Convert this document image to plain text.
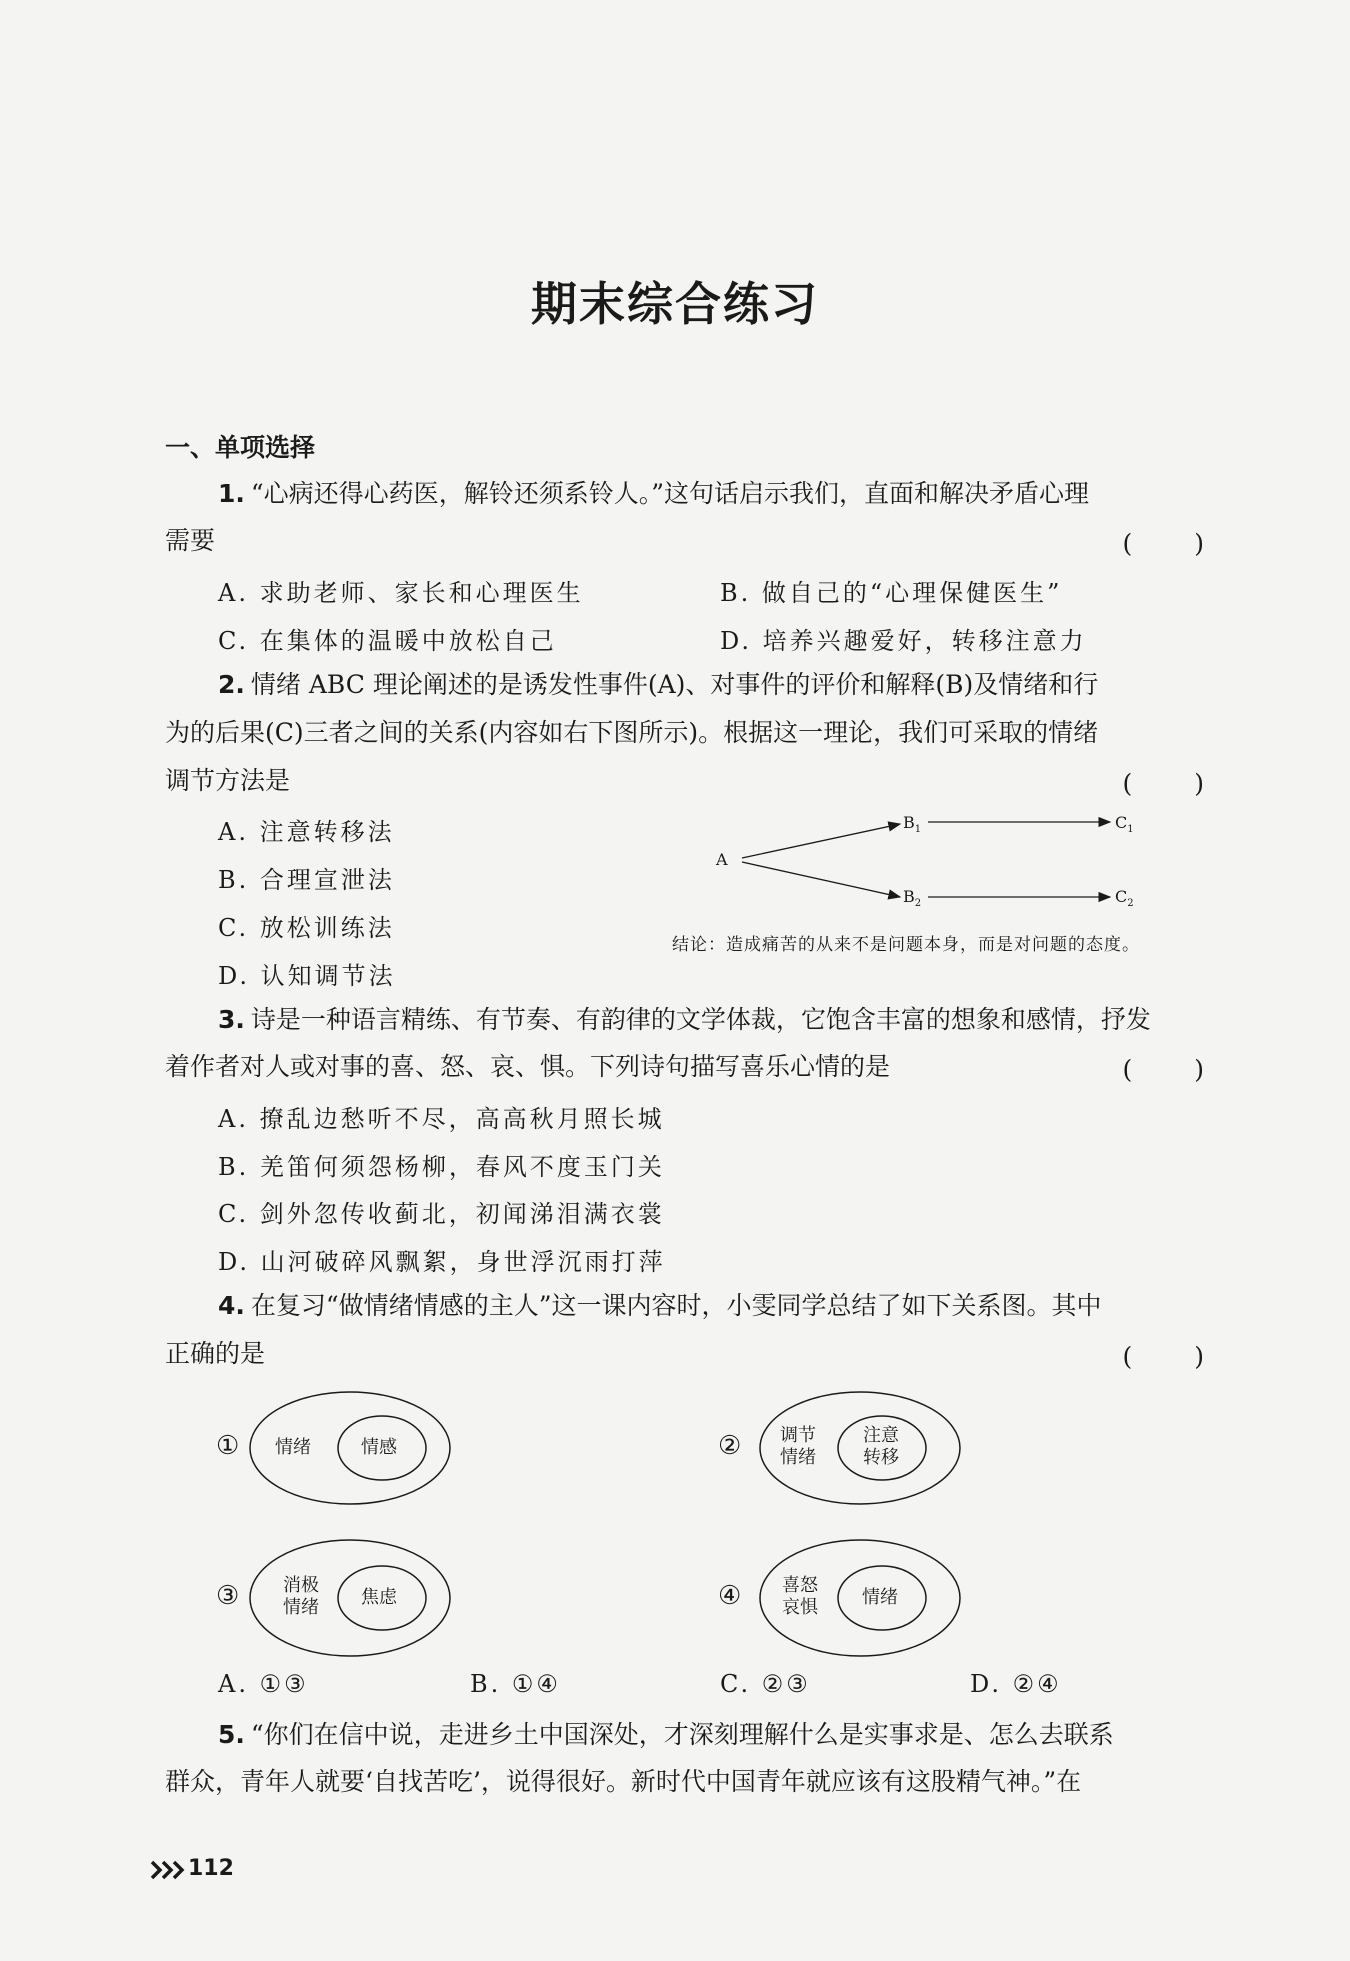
期末综合练习
一、单项选择
1. “心病还得心药医，解铃还须系铃人。”这句话启示我们，直面和解决矛盾心理
需要	(　　)
A. 求助老师、家长和心理医生	B. 做自己的“心理保健医生”
C. 在集体的温暖中放松自己	D. 培养兴趣爱好，转移注意力
2. 情绪 ABC 理论阐述的是诱发性事件(A)、对事件的评价和解释(B)及情绪和行
为的后果(C)三者之间的关系(内容如右下图所示)。根据这一理论，我们可采取的情绪
调节方法是	(　　)
A. 注意转移法
B. 合理宣泄法
C. 放松训练法
D. 认知调节法
A
$B_1$	$C_1$
$B_2$	$C_2$
结论：造成痛苦的从来不是问题本身，而是对问题的态度。
3. 诗是一种语言精练、有节奏、有韵律的文学体裁，它饱含丰富的想象和感情，抒发
着作者对人或对事的喜、怒、哀、惧。下列诗句描写喜乐心情的是	(　　)
A. 撩乱边愁听不尽，高高秋月照长城
B. 羌笛何须怨杨柳，春风不度玉门关
C. 剑外忽传收蓟北，初闻涕泪满衣裳
D. 山河破碎风飘絮，身世浮沉雨打萍
4. 在复习“做情绪情感的主人”这一课内容时，小雯同学总结了如下关系图。其中
正确的是	(　　)
① 情绪	情感	② 调节
情绪
注意
转移
③ 消极
情绪 焦虑	④ 喜怒
哀惧 情绪
A. ①③	B. ①④	C. ②③	D. ②④
5. “你们在信中说，走进乡土中国深处，才深刻理解什么是实事求是、怎么去联系
群众，青年人就要‘自找苦吃’，说得很好。新时代中国青年就应该有这股精气神。”在
112
